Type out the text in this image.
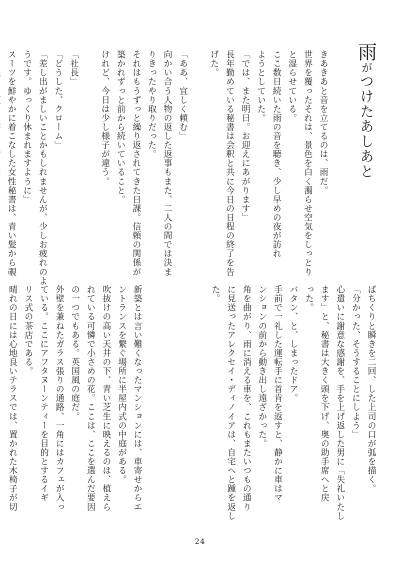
雨がつけたあしあと
きあきあと音を立てるのは、雨だ。
世界を覆ったそれは、景色を白く濁らせ空気をしっとり
と湿らせている。
ここ数日続いた雨の音を聴き、少し早めの夜が訪れ
ようとしていた。
「では、また明日。お迎えにあがります」
長年勤めている秘書は会釈と共に今日の日程の終了を告
げた。
「ああ、宜しく頼む」
向かい合う人物の返した返事もまた、二人の間では決ま
りきったやり取りだった。
それはもうずっと繰り返されてきた日課。信頼の関係が
築かれずっと前から続いていること。
けれど、今日は少し様子が違う。
「社長」
「どうした、クローム」
「差し出がましいことかもしれませんが、少しお疲れのよ
うです。ゆっくり休まれますように」
スーツを鮮やかに着こなした女性秘書は、青い髪から覗
ぱちくりと瞬きを二回、した上司の口が弧を描く。
「分かった、そうすることにしよう」
心遣いに謝意な感謝を、手を上げ返した男に「失礼いたし
ます」と、秘書は大きく頭を下げ、奥の助手席へと戻
った。
バタン、と、しまったドア。
手前で一礼した運転手に首肯を返すと、静かに車はマ
ンションの前から動き出し遠ざかった。
角を曲がり、雨に消える車を、これもまたいつもの通り
に見送ったアレクセイ・ディノイアは、自宅へと踵を返し
た。
新築とは言い難くなったマンションには、車寄せからエ
ントランスを繋ぐ場所に半屋内式の中庭がある。
吹抜けの高い天井の下、青い芝生に映えるのは、植えら
れている可憐で小さめの花。ここは、ここを選んだ要因
の一つでもある。英国風の庭だ。
外壁を兼ねたガラス張りの通路、一角にはカフェが入っ
ている。ここにアフタヌーンティーを目的とするイギ
リス式の茶店である。
晴れの日には心地良いテラスでは、置かれた木椅子が切
24
